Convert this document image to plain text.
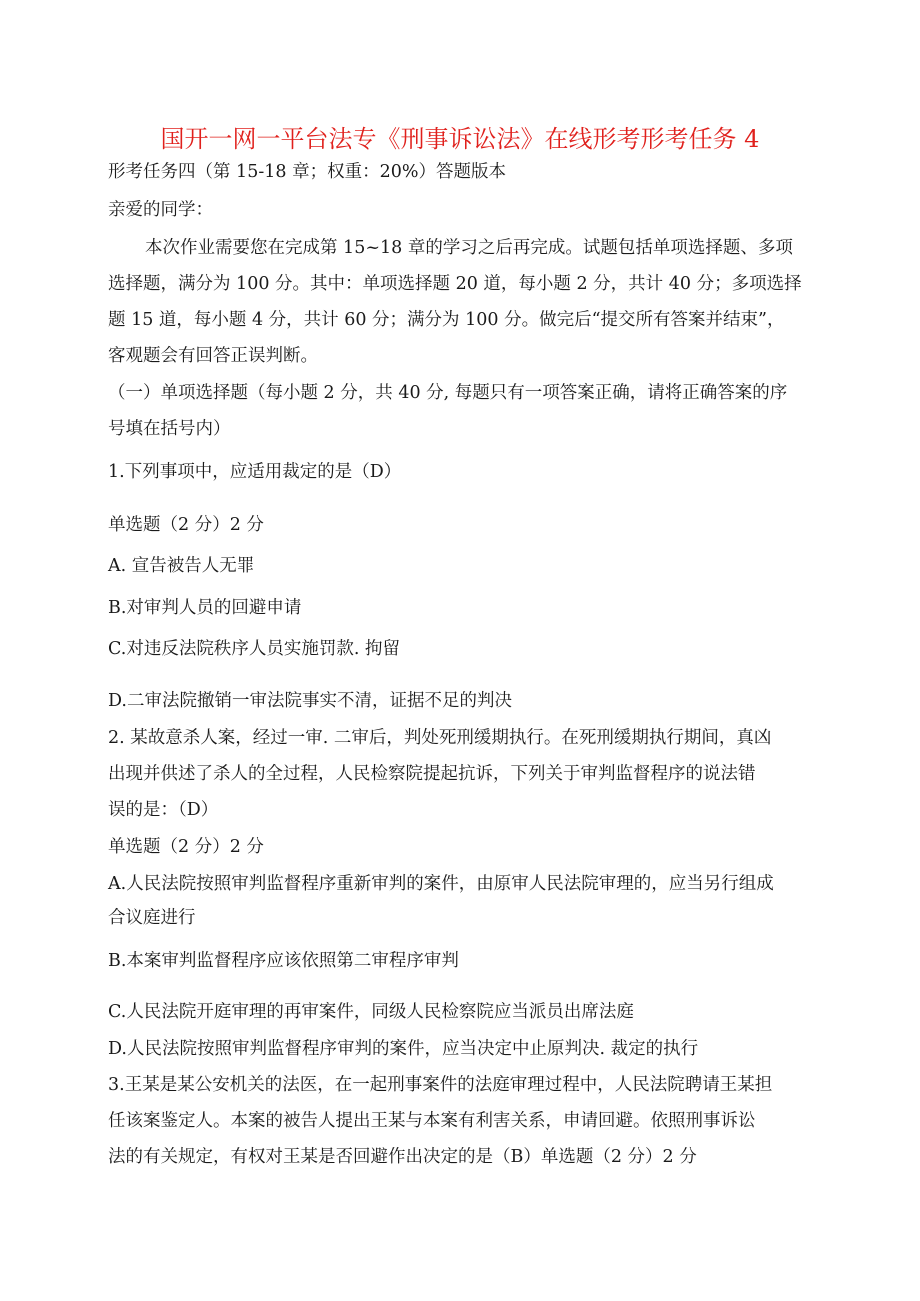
国开一网一平台法专《刑事诉讼法》在线形考形考任务 4
形考任务四（第 15-18 章；权重：20%）答题版本
亲爱的同学：
本次作业需要您在完成第 15~18 章的学习之后再完成。试题包括单项选择题、多项
选择题，满分为 100 分。其中：单项选择题 20 道，每小题 2 分，共计 40 分；多项选择
题 15 道，每小题 4 分，共计 60 分；满分为 100 分。做完后“提交所有答案并结束”，
客观题会有回答正误判断。
（一）单项选择题（每小题 2 分，共 40 分, 每题只有一项答案正确，请将正确答案的序
号填在括号内）
1.下列事项中，应适用裁定的是（D）
单选题（2 分）2 分
A. 宣告被告人无罪
B.对审判人员的回避申请
C.对违反法院秩序人员实施罚款. 拘留
D.二审法院撤销一审法院事实不清，证据不足的判决
2. 某故意杀人案，经过一审. 二审后，判处死刑缓期执行。在死刑缓期执行期间，真凶
出现并供述了杀人的全过程，人民检察院提起抗诉，下列关于审判监督程序的说法错
误的是：（D）
单选题（2 分）2 分
A.人民法院按照审判监督程序重新审判的案件，由原审人民法院审理的，应当另行组成
合议庭进行
B.本案审判监督程序应该依照第二审程序审判
C.人民法院开庭审理的再审案件，同级人民检察院应当派员出席法庭
D.人民法院按照审判监督程序审判的案件，应当决定中止原判决. 裁定的执行
3.王某是某公安机关的法医，在一起刑事案件的法庭审理过程中，人民法院聘请王某担
任该案鉴定人。本案的被告人提出王某与本案有利害关系，申请回避。依照刑事诉讼
法的有关规定，有权对王某是否回避作出决定的是（B）单选题（2 分）2 分
